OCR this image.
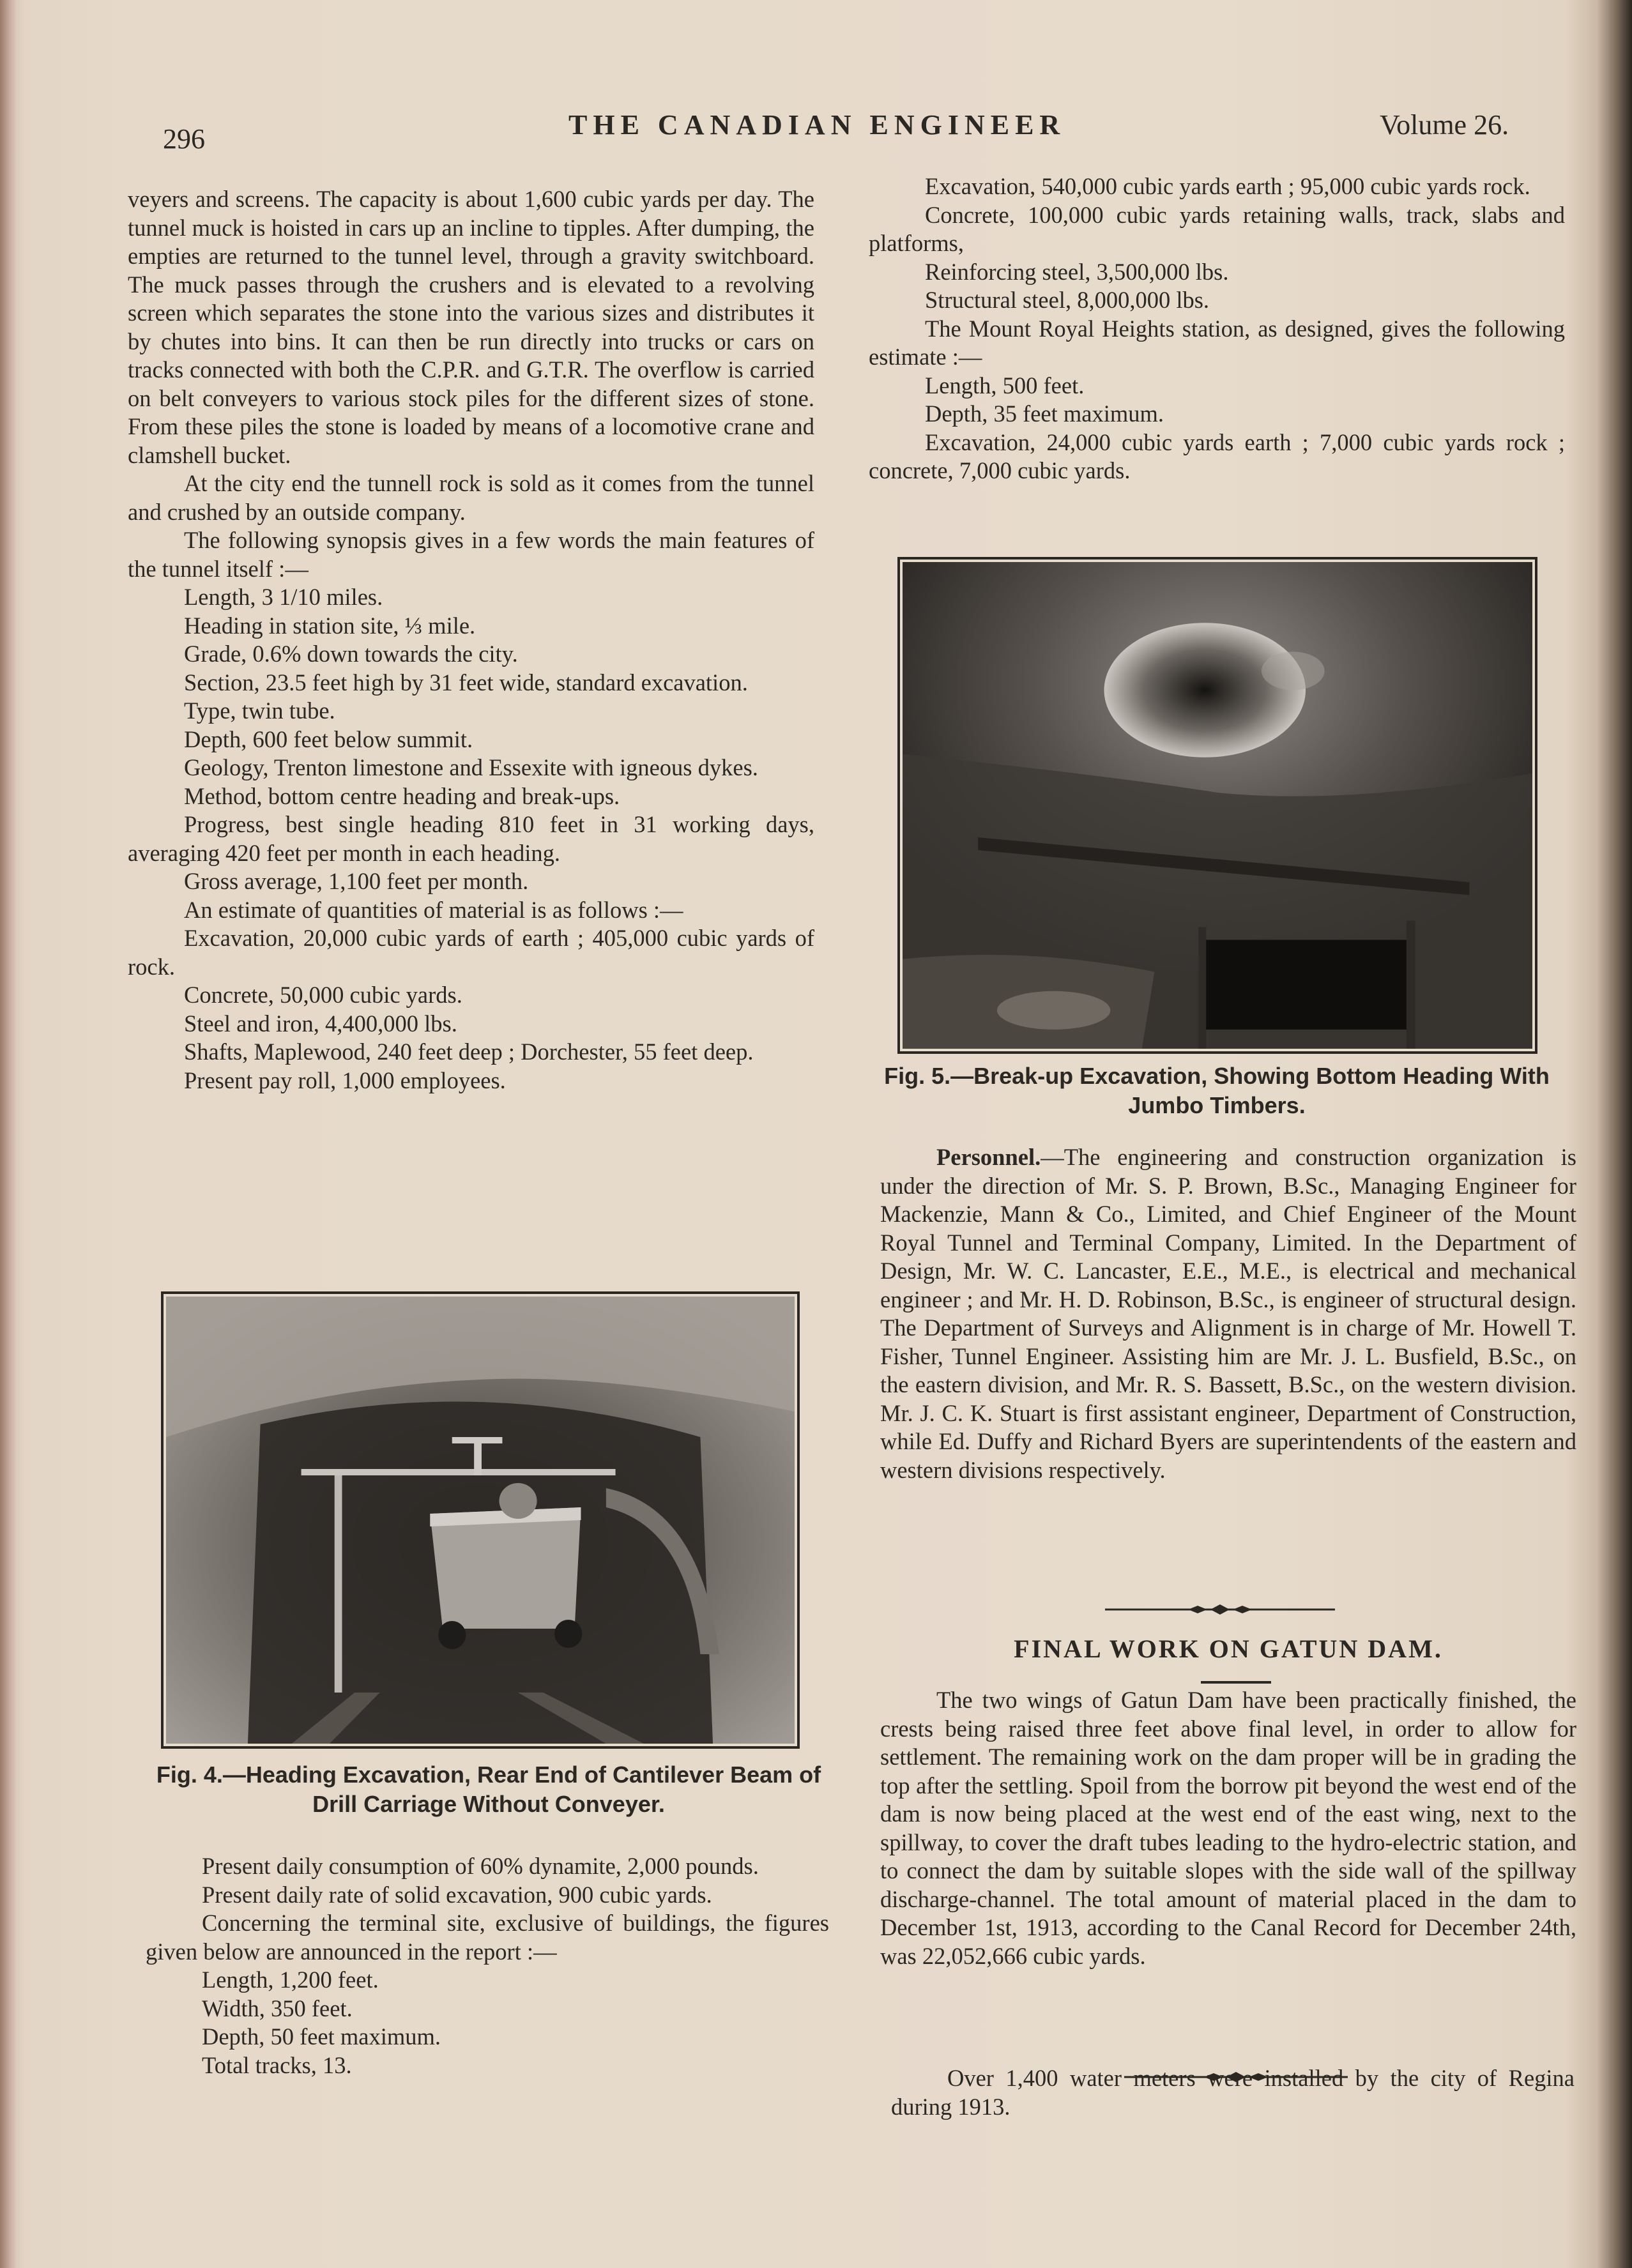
296	THE CANADIAN ENGINEER	Volume 26.

veyers and screens. The capacity is about 1,600 cubic yards per day. The tunnel muck is hoisted in cars up an incline to tipples. After dumping, the empties are returned to the tunnel level, through a gravity switchboard. The muck passes through the crushers and is elevated to a revolving screen which separates the stone into the various sizes and distributes it by chutes into bins. It can then be run directly into trucks or cars on tracks connected with both the C.P.R. and G.T.R. The overflow is carried on belt conveyers to various stock piles for the different sizes of stone. From these piles the stone is loaded by means of a locomotive crane and clamshell bucket.

At the city end the tunnell rock is sold as it comes from the tunnel and crushed by an outside company.

The following synopsis gives in a few words the main features of the tunnel itself :—

Length, 3 1/10 miles.

Heading in station site, ⅓ mile.

Grade, 0.6% down towards the city.

Section, 23.5 feet high by 31 feet wide, standard excavation.

Type, twin tube.

Depth, 600 feet below summit.

Geology, Trenton limestone and Essexite with igneous dykes.

Method, bottom centre heading and break-ups.

Progress, best single heading 810 feet in 31 working days, averaging 420 feet per month in each heading.

Gross average, 1,100 feet per month.

An estimate of quantities of material is as follows :—

Excavation, 20,000 cubic yards of earth ; 405,000 cubic yards of rock.

Concrete, 50,000 cubic yards.

Steel and iron, 4,400,000 lbs.

Shafts, Maplewood, 240 feet deep ; Dorchester, 55 feet deep.

Present pay roll, 1,000 employees.

Excavation, 540,000 cubic yards earth ; 95,000 cubic yards rock.

Concrete, 100,000 cubic yards retaining walls, track, slabs and platforms,

Reinforcing steel, 3,500,000 lbs.

Structural steel, 8,000,000 lbs.

The Mount Royal Heights station, as designed, gives the following estimate :—

Length, 500 feet.

Depth, 35 feet maximum.

Excavation, 24,000 cubic yards earth ; 7,000 cubic yards rock ; concrete, 7,000 cubic yards.

Fig. 5.—Break-up Excavation, Showing Bottom Heading With Jumbo Timbers.

Personnel.—The engineering and construction organization is under the direction of Mr. S. P. Brown, B.Sc., Managing Engineer for Mackenzie, Mann & Co., Limited, and Chief Engineer of the Mount Royal Tunnel and Terminal Company, Limited. In the Department of Design, Mr. W. C. Lancaster, E.E., M.E., is electrical and mechanical engineer ; and Mr. H. D. Robinson, B.Sc., is engineer of structural design. The Department of Surveys and Alignment is in charge of Mr. Howell T. Fisher, Tunnel Engineer. Assisting him are Mr. J. L. Busfield, B.Sc., on the eastern division, and Mr. R. S. Bassett, B.Sc., on the western division. Mr. J. C. K. Stuart is first assistant engineer, Department of Construction, while Ed. Duffy and Richard Byers are superintendents of the eastern and western divisions respectively.

FINAL WORK ON GATUN DAM.

The two wings of Gatun Dam have been practically finished, the crests being raised three feet above final level, in order to allow for settlement. The remaining work on the dam proper will be in grading the top after the settling. Spoil from the borrow pit beyond the west end of the dam is now being placed at the west end of the east wing, next to the spillway, to cover the draft tubes leading to the hydro-electric station, and to connect the dam by suitable slopes with the side wall of the spillway discharge-channel. The total amount of material placed in the dam to December 1st, 1913, according to the Canal Record for December 24th, was 22,052,666 cubic yards.

Over 1,400 water meters were installed by the city of Regina during 1913.

Fig. 4.—Heading Excavation, Rear End of Cantilever Beam of Drill Carriage Without Conveyer.

Present daily consumption of 60% dynamite, 2,000 pounds.

Present daily rate of solid excavation, 900 cubic yards.

Concerning the terminal site, exclusive of buildings, the figures given below are announced in the report :—

Length, 1,200 feet.

Width, 350 feet.

Depth, 50 feet maximum.

Total tracks, 13.
